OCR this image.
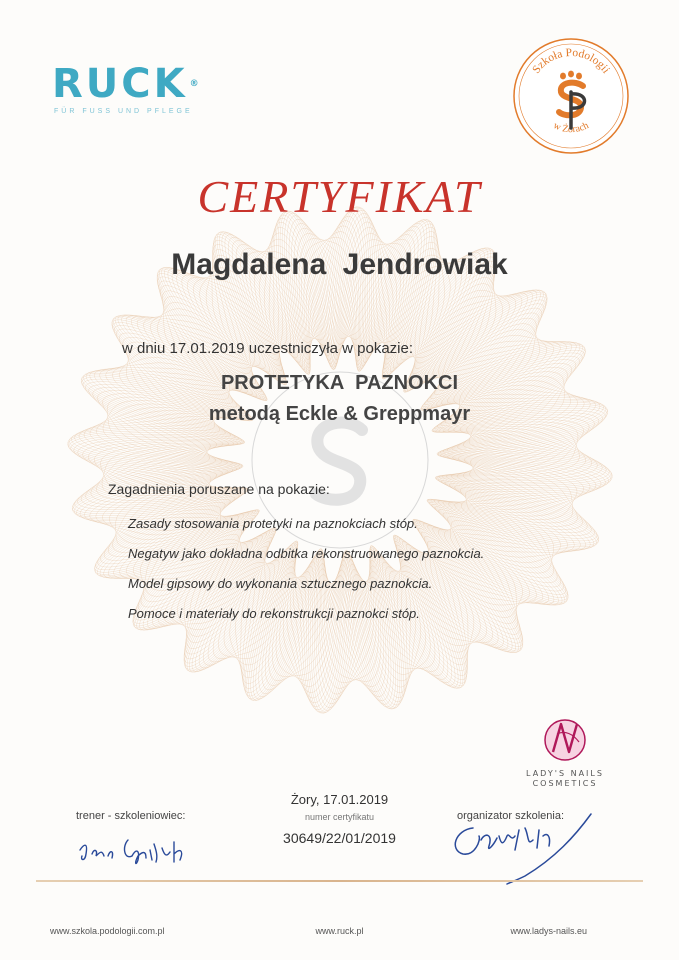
RUCK ®
FÜR FUSS UND PFLEGE
Szkoła Podologii
w Żorach
CERTYFIKAT
Magdalena Jendrowiak
w dniu 17.01.2019 uczestniczyła w pokazie:
PROTETYKA PAZNOKCI
metodą Eckle & Greppmayr
Zagadnienia poruszane na pokazie:
Zasady stosowania protetyki na paznokciach stóp.
Negatyw jako dokładna odbitka rekonstruowanego paznokcia.
Model gipsowy do wykonania sztucznego paznokcia.
Pomoce i materiały do rekonstrukcji paznokci stóp.
LADY'S NAILS
COSMETICS
Żory, 17.01.2019
numer certyfikatu
30649/22/01/2019
trener - szkoleniowiec:	organizator szkolenia:
www.szkola.podologii.com.pl	www.ruck.pl	www.ladys-nails.eu
